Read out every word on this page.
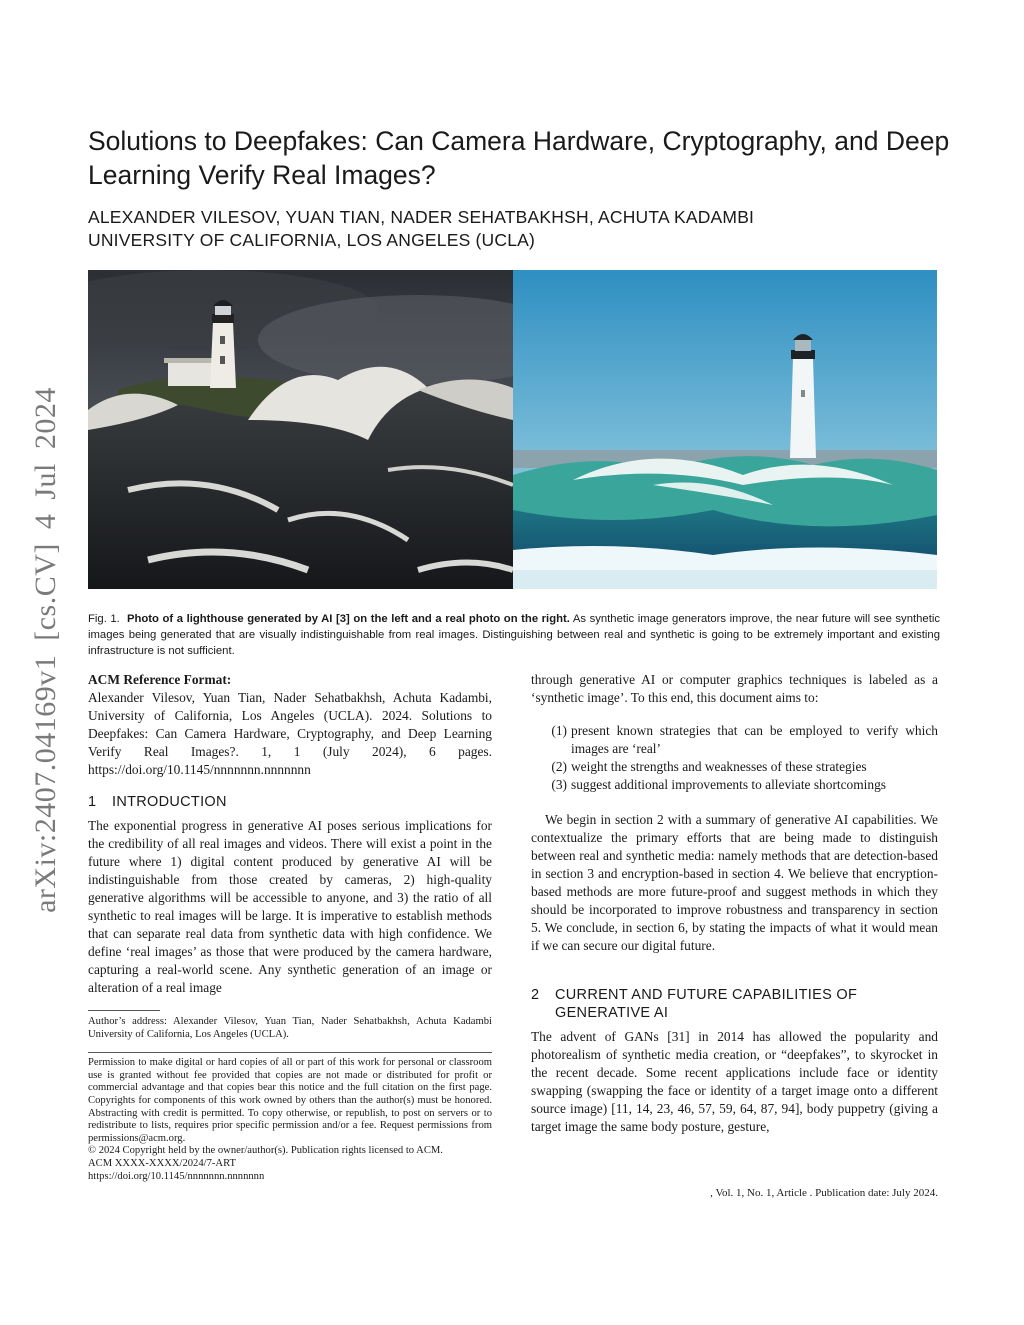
arXiv:2407.04169v1 [cs.CV] 4 Jul 2024
Solutions to Deepfakes: Can Camera Hardware, Cryptography, and Deep Learning Verify Real Images?
ALEXANDER VILESOV, YUAN TIAN, NADER SEHATBAKHSH, ACHUTA KADAMBI
UNIVERSITY OF CALIFORNIA, LOS ANGELES (UCLA)
Fig. 1. Photo of a lighthouse generated by AI [3] on the left and a real photo on the right. As synthetic image generators improve, the near future will see synthetic images being generated that are visually indistinguishable from real images. Distinguishing between real and synthetic is going to be extremely important and existing infrastructure is not sufficient.

ACM Reference Format:

Alexander Vilesov, Yuan Tian, Nader Sehatbakhsh, Achuta Kadambi, University of California, Los Angeles (UCLA). 2024. Solutions to Deepfakes: Can Camera Hardware, Cryptography, and Deep Learning Verify Real Images?. 1, 1 (July 2024), 6 pages. https://doi.org/10.1145/nnnnnnn.nnnnnnn

1	INTRODUCTION

The exponential progress in generative AI poses serious implications for the credibility of all real images and videos. There will exist a point in the future where 1) digital content produced by generative AI will be indistinguishable from those created by cameras, 2) high-quality generative algorithms will be accessible to anyone, and 3) the ratio of all synthetic to real images will be large. It is imperative to establish methods that can separate real data from synthetic data with high confidence. We define ‘real images’ as those that were produced by the camera hardware, capturing a real-world scene. Any synthetic generation of an image or alteration of a real image

Author’s address: Alexander Vilesov, Yuan Tian, Nader Sehatbakhsh, Achuta Kadambi University of California, Los Angeles (UCLA).

Permission to make digital or hard copies of all or part of this work for personal or classroom use is granted without fee provided that copies are not made or distributed for profit or commercial advantage and that copies bear this notice and the full citation on the first page. Copyrights for components of this work owned by others than the author(s) must be honored. Abstracting with credit is permitted. To copy otherwise, or republish, to post on servers or to redistribute to lists, requires prior specific permission and/or a fee. Request permissions from permissions@acm.org.

© 2024 Copyright held by the owner/author(s). Publication rights licensed to ACM.

ACM XXXX-XXXX/2024/7-ART

https://doi.org/10.1145/nnnnnnn.nnnnnnn

through generative AI or computer graphics techniques is labeled as a ‘synthetic image’. To this end, this document aims to:

(1) present known strategies that can be employed to verify which images are ‘real’
(2) weight the strengths and weaknesses of these strategies
(3) suggest additional improvements to alleviate shortcomings

We begin in section 2 with a summary of generative AI capabilities. We contextualize the primary efforts that are being made to distinguish between real and synthetic media: namely methods that are detection-based in section 3 and encryption-based in section 4. We believe that encryption-based methods are more future-proof and suggest methods in which they should be incorporated to improve robustness and transparency in section 5. We conclude, in section 6, by stating the impacts of what it would mean if we can secure our digital future.

2	CURRENT AND FUTURE CAPABILITIES OF
GENERATIVE AI

The advent of GANs [31] in 2014 has allowed the popularity and photorealism of synthetic media creation, or “deepfakes”, to skyrocket in the recent decade. Some recent applications include face or identity swapping (swapping the face or identity of a target image onto a different source image) [11, 14, 23, 46, 57, 59, 64, 87, 94], body puppetry (giving a target image the same body posture, gesture,

, Vol. 1, No. 1, Article . Publication date: July 2024.
